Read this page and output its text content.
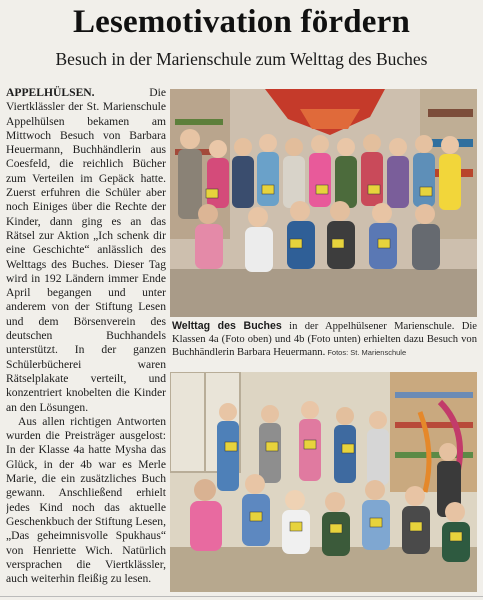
Lesemotivation fördern
Besuch in der Marienschule zum Welttag des Buches

APPELHÜLSEN.	Die Viertklässler der St. Marienschule Appelhülsen bekamen am Mittwoch Besuch von Barbara Heuermann, Buchhändlerin aus Coesfeld, die reichlich Bücher zum Verteilen im Gepäck hatte. Zuerst erfuhren die Schüler aber noch Einiges über die Rechte der Kinder, dann ging es an das Rätsel zur Aktion „Ich schenk dir eine Geschichte“ anlässlich des Welttags des Buches. Dieser Tag wird in 192 Ländern immer Ende April begangen und unter anderem von der Stiftung Lesen und dem Börsenverein des deutschen Buchhandels unterstützt. In der ganzen Schülerbücherei waren Rätselplakate verteilt, und konzentriert knobelten die Kinder an den Lösungen.

Aus allen richtigen Antworten wurden die Preisträger ausgelost: In der Klasse 4a hatte Mysha das Glück, in der 4b war es Merle Marie, die ein zusätzliches Buch gewann. Anschließend erhielt jedes Kind noch das aktuelle Geschenkbuch der Stiftung Lesen, „Das geheimnisvolle Spukhaus“ von Henriette Wich. Natürlich versprachen die Viertklässler, auch weiterhin fleißig zu lesen.

Welttag des Buches in der Appelhülsener Marienschule. Die Klassen 4a (Foto oben) und 4b (Foto unten) erhielten dazu Besuch von Buchhändlerin Barbara Heuermann. Fotos: St. Marienschule
